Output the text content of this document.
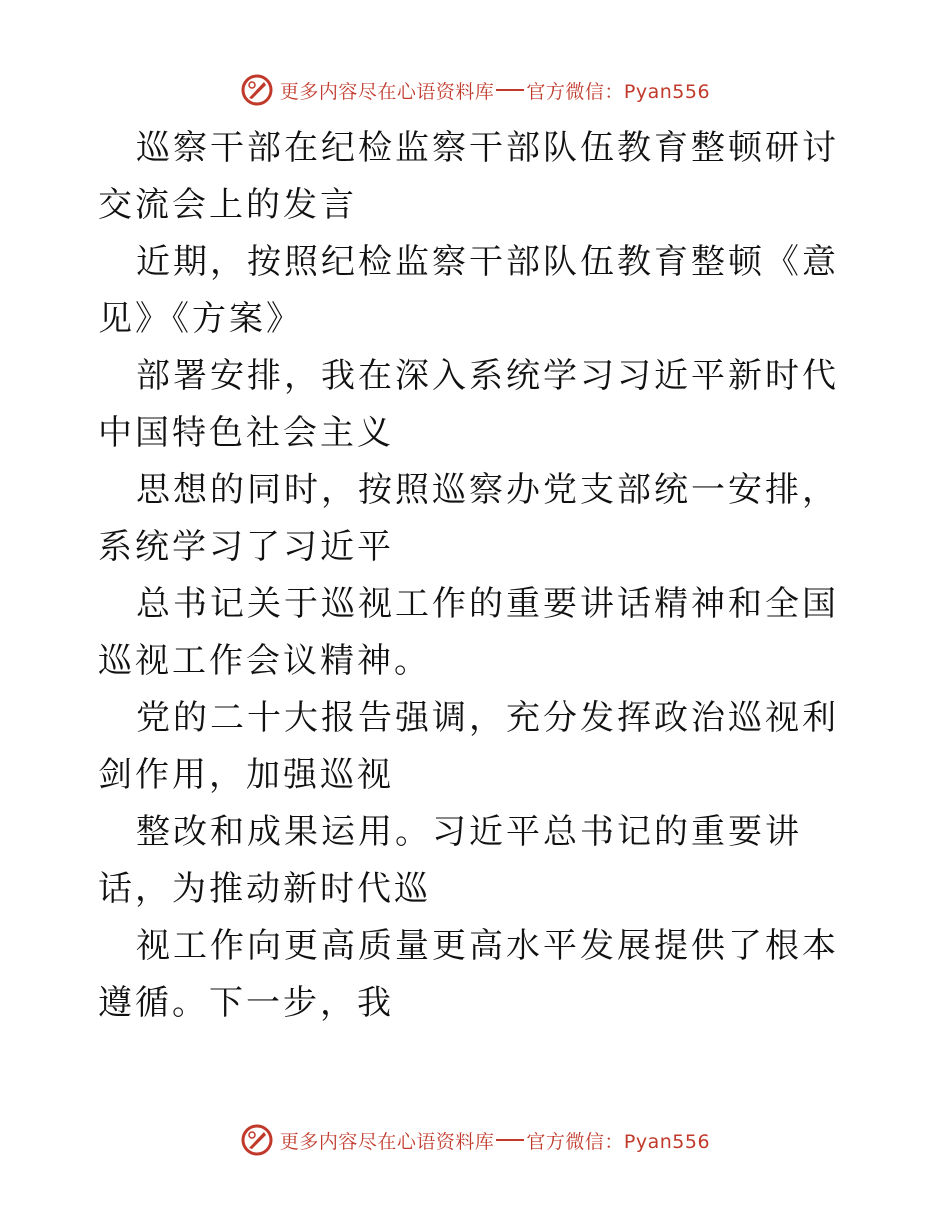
更多内容尽在心语资料库 官方微信：Pyan556

巡察干部在纪检监察干部队伍教育整顿研讨交流会上的发言

近期，按照纪检监察干部队伍教育整顿《意见》《方案》

部署安排，我在深入系统学习习近平新时代中国特色社会主义

思想的同时，按照巡察办党支部统一安排，系统学习了习近平

总书记关于巡视工作的重要讲话精神和全国巡视工作会议精神。

党的二十大报告强调，充分发挥政治巡视利剑作用，加强巡视

整改和成果运用。习近平总书记的重要讲话，为推动新时代巡

视工作向更高质量更高水平发展提供了根本遵循。下一步，我

更多内容尽在心语资料库 官方微信：Pyan556
